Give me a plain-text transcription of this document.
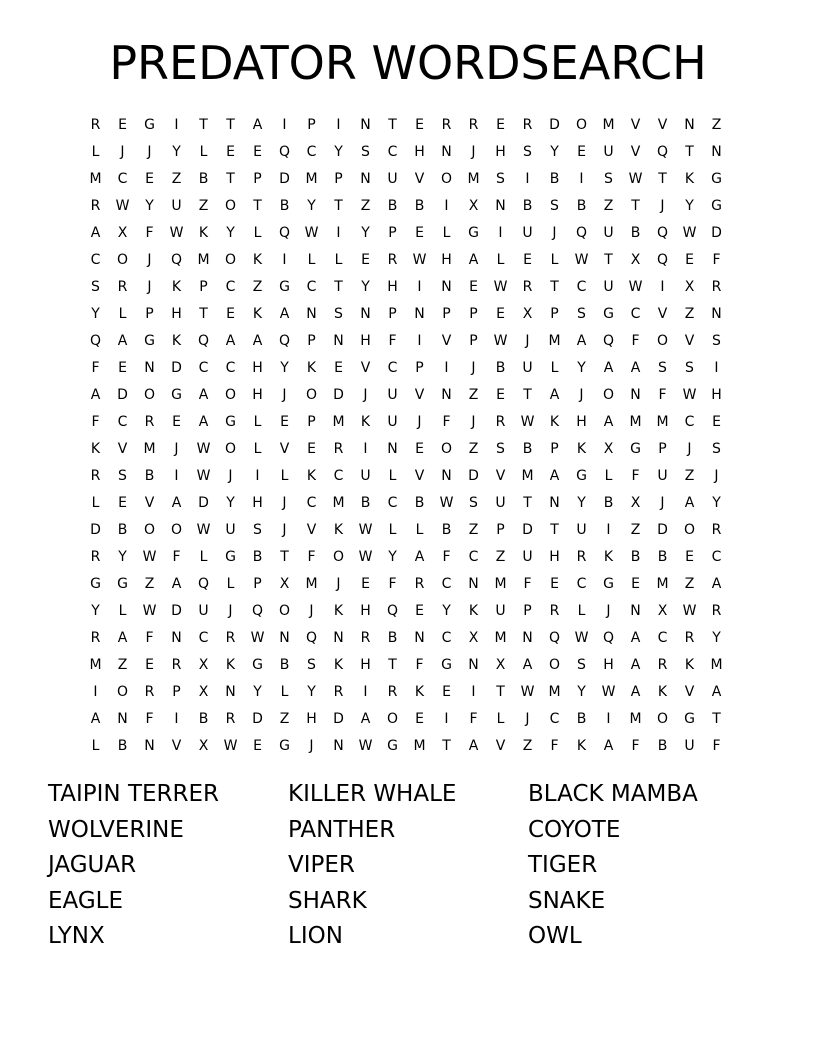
PREDATOR WORDSEARCH
R	E	G	I	T	T	A	I	P	I	N	T	E	R	R	E	R	D	O	M	V	V	N	Z
L	J	J	Y	L	E	E	Q	C	Y	S	C	H	N	J	H	S	Y	E	U	V	Q	T	N
M	C	E	Z	B	T	P	D	M	P	N	U	V	O	M	S	I	B	I	S	W	T	K	G
R	W	Y	U	Z	O	T	B	Y	T	Z	B	B	I	X	N	B	S	B	Z	T	J	Y	G
A	X	F	W	K	Y	L	Q	W	I	Y	P	E	L	G	I	U	J	Q	U	B	Q	W	D
C	O	J	Q	M	O	K	I	L	L	E	R	W	H	A	L	E	L	W	T	X	Q	E	F
S	R	J	K	P	C	Z	G	C	T	Y	H	I	N	E	W	R	T	C	U	W	I	X	R
Y	L	P	H	T	E	K	A	N	S	N	P	N	P	P	E	X	P	S	G	C	V	Z	N
Q	A	G	K	Q	A	A	Q	P	N	H	F	I	V	P	W	J	M	A	Q	F	O	V	S
F	E	N	D	C	C	H	Y	K	E	V	C	P	I	J	B	U	L	Y	A	A	S	S	I
A	D	O	G	A	O	H	J	O	D	J	U	V	N	Z	E	T	A	J	O	N	F	W	H
F	C	R	E	A	G	L	E	P	M	K	U	J	F	J	R	W	K	H	A	M	M	C	E
K	V	M	J	W	O	L	V	E	R	I	N	E	O	Z	S	B	P	K	X	G	P	J	S
R	S	B	I	W	J	I	L	K	C	U	L	V	N	D	V	M	A	G	L	F	U	Z	J
L	E	V	A	D	Y	H	J	C	M	B	C	B	W	S	U	T	N	Y	B	X	J	A	Y
D	B	O	O	W	U	S	J	V	K	W	L	L	B	Z	P	D	T	U	I	Z	D	O	R
R	Y	W	F	L	G	B	T	F	O	W	Y	A	F	C	Z	U	H	R	K	B	B	E	C
G	G	Z	A	Q	L	P	X	M	J	E	F	R	C	N	M	F	E	C	G	E	M	Z	A
Y	L	W	D	U	J	Q	O	J	K	H	Q	E	Y	K	U	P	R	L	J	N	X	W	R
R	A	F	N	C	R	W	N	Q	N	R	B	N	C	X	M	N	Q	W	Q	A	C	R	Y
M	Z	E	R	X	K	G	B	S	K	H	T	F	G	N	X	A	O	S	H	A	R	K	M
I	O	R	P	X	N	Y	L	Y	R	I	R	K	E	I	T	W	M	Y	W	A	K	V	A
A	N	F	I	B	R	D	Z	H	D	A	O	E	I	F	L	J	C	B	I	M	O	G	T
L	B	N	V	X	W	E	G	J	N	W	G	M	T	A	V	Z	F	K	A	F	B	U	F
TAIPIN TERRER	KILLER WHALE	BLACK MAMBA
WOLVERINE	PANTHER	COYOTE
JAGUAR	VIPER	TIGER
EAGLE	SHARK	SNAKE
LYNX	LION	OWL
